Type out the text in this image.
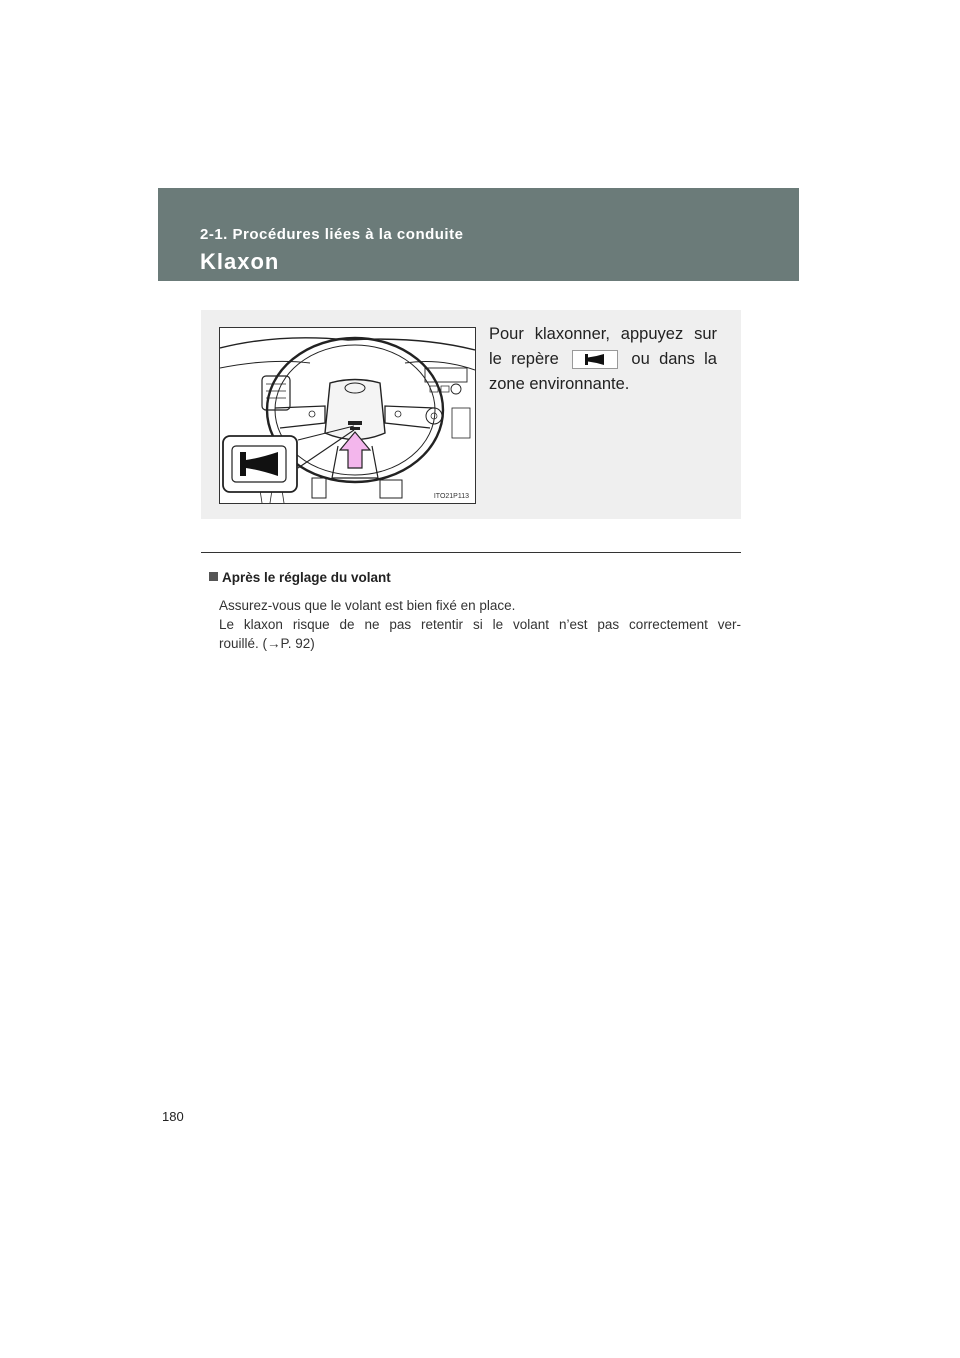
2-1. Procédures liées à la conduite
Klaxon
ITO21P113
Pour klaxonner, appuyez sur
le repère	ou dans la
zone environnante.
Après le réglage du volant

Assurez-vous que le volant est bien fixé en place.

Le klaxon risque de ne pas retentir si le volant n’est pas correctement ver-

rouillé. (→P. 92)

180
